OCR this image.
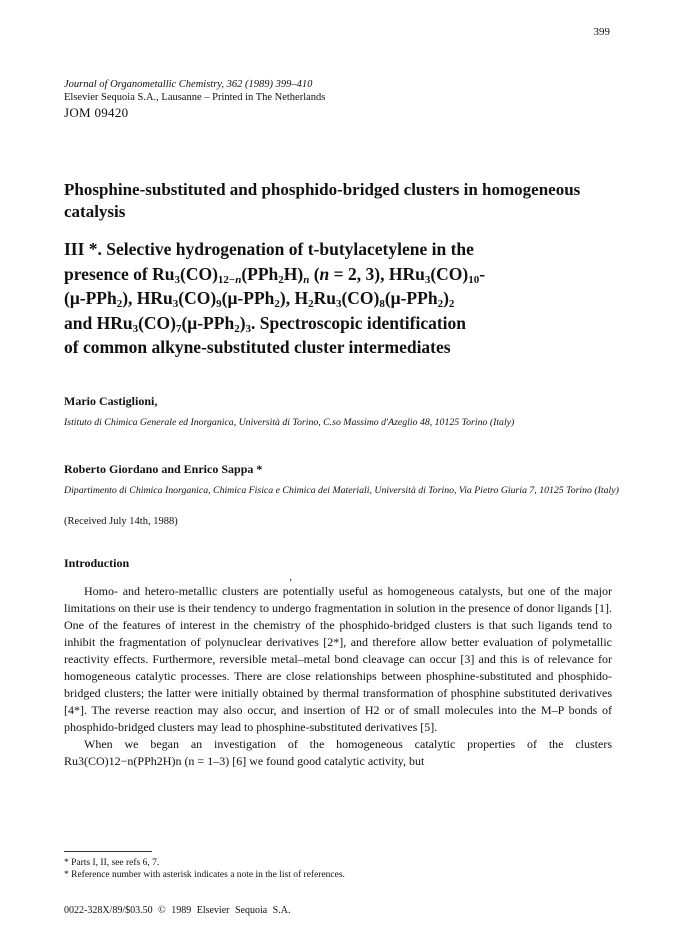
399
Journal of Organometallic Chemistry, 362 (1989) 399–410
Elsevier Sequoia S.A., Lausanne – Printed in The Netherlands
JOM 09420
Phosphine-substituted and phosphido-bridged clusters in homogeneous catalysis
III *. Selective hydrogenation of t-butylacetylene in the
presence of $Ru_3(CO)_{12-n}(PPh_2H)_n$ (n = 2, 3), $HRu_3(CO)_{10}-$
(μ-PPh$_2$), $HRu_3(CO)_9(\mu-PPh_2)$, $H_2Ru_3(CO)_8(\mu-PPh_2)_2$
and $HRu_3(CO)_7(\mu-PPh_2)_3$. Spectroscopic identification
of common alkyne-substituted cluster intermediates
Mario Castiglioni,
Istituto di Chimica Generale ed Inorganica, Università di Torino, C.so Massimo d'Azeglio 48, 10125 Torino (Italy)
Roberto Giordano and Enrico Sappa *
Dipartimento di Chimica Inorganica, Chimica Fisica e Chimica dei Materiali, Università di Torino, Via Pietro Giuria 7, 10125 Torino (Italy)
(Received July 14th, 1988)
Introduction
‚

Homo- and hetero-metallic clusters are potentially useful as homogeneous catalysts, but one of the major limitations on their use is their tendency to undergo fragmentation in solution in the presence of donor ligands [1]. One of the features of interest in the chemistry of the phosphido-bridged clusters is that such ligands tend to inhibit the fragmentation of polynuclear derivatives [2*], and therefore allow better evaluation of polymetallic reactivity effects. Furthermore, reversible metal–metal bond cleavage can occur [3] and this is of relevance for homogeneous catalytic processes. There are close relationships between phosphine-substituted and phosphido-bridged clusters; the latter were initially obtained by thermal transformation of phosphine substituted derivatives [4*]. The reverse reaction may also occur, and insertion of H2 or of small molecules into the M–P bonds of phosphido-bridged clusters may lead to phosphine-substituted derivatives [5].

When we began an investigation of the homogeneous catalytic properties of the clusters Ru3(CO)12−n(PPh2H)n (n = 1–3) [6] we found good catalytic activity, but

* Parts I, II, see refs 6, 7.
* Reference number with asterisk indicates a note in the list of references.
0022-328X/89/$03.50 © 1989 Elsevier Sequoia S.A.
